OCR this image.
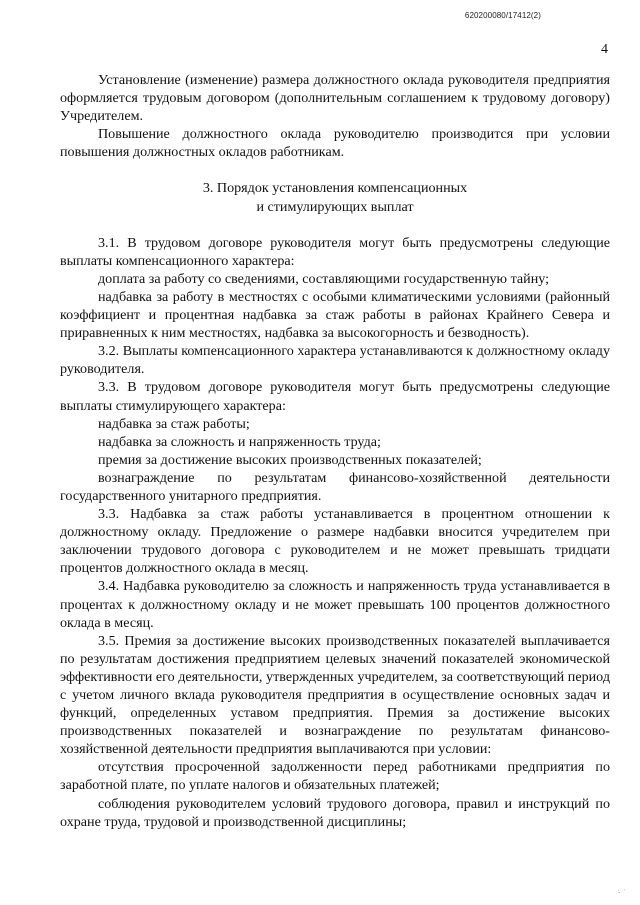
620200080/17412(2)
4

Установление (изменение) размера должностного оклада руководителя предприятия оформляется трудовым договором (дополнительным соглашением к трудовому договору) Учредителем.

Повышение должностного оклада руководителю производится при условии повышения должностных окладов работникам.

3. Порядок установления компенсационных
и стимулирующих выплат

3.1. В трудовом договоре руководителя могут быть предусмотрены следующие выплаты компенсационного характера:

доплата за работу со сведениями, составляющими государственную тайну;

надбавка за работу в местностях с особыми климатическими условиями (районный коэффициент и процентная надбавка за стаж работы в районах Крайнего Севера и приравненных к ним местностях, надбавка за высокогорность и безводность).

3.2. Выплаты компенсационного характера устанавливаются к должностному окладу руководителя.

3.3. В трудовом договоре руководителя могут быть предусмотрены следующие выплаты стимулирующего характера:

надбавка за стаж работы;

надбавка за сложность и напряженность труда;

премия за достижение высоких производственных показателей;

вознаграждение по результатам финансово-хозяйственной деятельности государственного унитарного предприятия.

3.3. Надбавка за стаж работы устанавливается в процентном отношении к должностному окладу. Предложение о размере надбавки вносится учредителем при заключении трудового договора с руководителем и не может превышать тридцати процентов должностного оклада в месяц.

3.4. Надбавка руководителю за сложность и напряженность труда устанавливается в процентах к должностному окладу и не может превышать 100 процентов должностного оклада в месяц.

3.5. Премия за достижение высоких производственных показателей выплачивается по результатам достижения предприятием целевых значений показателей экономической эффективности его деятельности, утвержденных учредителем, за соответствующий период с учетом личного вклада руководителя предприятия в осуществление основных задач и функций, определенных уставом предприятия. Премия за достижение высоких производственных показателей и вознаграждение по результатам финансово-хозяйственной деятельности предприятия выплачиваются при условии:

отсутствия просроченной задолженности перед работниками предприятия по заработной плате, по уплате налогов и обязательных платежей;

соблюдения руководителем условий трудового договора, правил и инструкций по охране труда, трудовой и производственной дисциплины;

·̇ ˙
